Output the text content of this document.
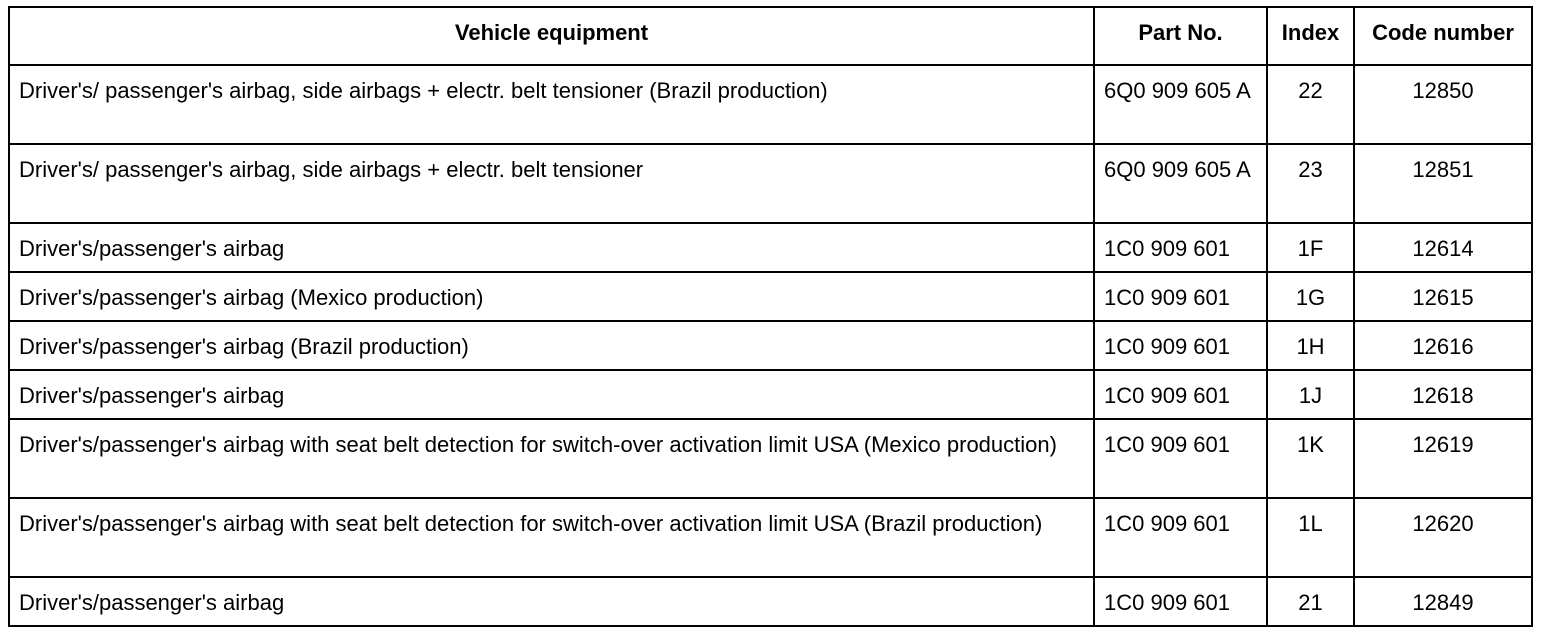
Vehicle equipment	Part No.	Index	Code number
Driver's/ passenger's airbag, side airbags + electr. belt tensioner (Brazil production)	6Q0 909 605 A	22	12850
Driver's/ passenger's airbag, side airbags + electr. belt tensioner	6Q0 909 605 A	23	12851
Driver's/passenger's airbag	1C0 909 601	1F	12614
Driver's/passenger's airbag (Mexico production)	1C0 909 601	1G	12615
Driver's/passenger's airbag (Brazil production)	1C0 909 601	1H	12616
Driver's/passenger's airbag	1C0 909 601	1J	12618
Driver's/passenger's airbag with seat belt detection for switch-over activation limit USA (Mexico production)	1C0 909 601	1K	12619
Driver's/passenger's airbag with seat belt detection for switch-over activation limit USA (Brazil production)	1C0 909 601	1L	12620
Driver's/passenger's airbag	1C0 909 601	21	12849
